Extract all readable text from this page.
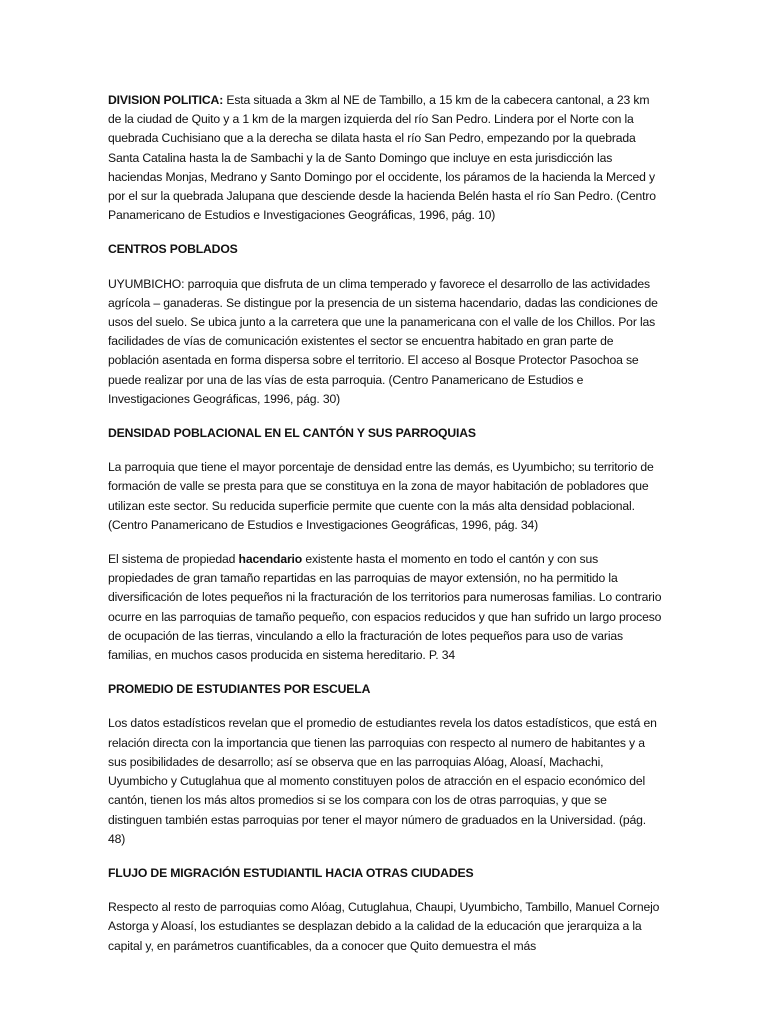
DIVISION POLITICA: Esta situada a 3km al NE de Tambillo, a 15 km de la cabecera cantonal, a 23 km de la ciudad de Quito y a 1 km de la margen izquierda del río San Pedro. Lindera por el Norte con la quebrada Cuchisiano que a la derecha se dilata hasta el río San Pedro, empezando por la quebrada Santa Catalina hasta la de Sambachi y la de Santo Domingo que incluye en esta jurisdicción las haciendas Monjas, Medrano y Santo Domingo por el occidente, los páramos de la hacienda la Merced y por el sur la quebrada Jalupana que desciende desde la hacienda Belén hasta el río San Pedro. (Centro Panamericano de Estudios e Investigaciones Geográficas, 1996, pág. 10)

CENTROS POBLADOS

UYUMBICHO: parroquia que disfruta de un clima temperado y favorece el desarrollo de las actividades agrícola – ganaderas. Se distingue por la presencia de un sistema hacendario, dadas las condiciones de usos del suelo. Se ubica junto a la carretera que une la panamericana con el valle de los Chillos. Por las facilidades de vías de comunicación existentes el sector se encuentra habitado en gran parte de población asentada en forma dispersa sobre el territorio. El acceso al Bosque Protector Pasochoa se puede realizar por una de las vías de esta parroquia. (Centro Panamericano de Estudios e Investigaciones Geográficas, 1996, pág. 30)

DENSIDAD POBLACIONAL EN EL CANTÓN Y SUS PARROQUIAS

La parroquia que tiene el mayor porcentaje de densidad entre las demás, es Uyumbicho; su territorio de formación de valle se presta para que se constituya en la zona de mayor habitación de pobladores que utilizan este sector. Su reducida superficie permite que cuente con la más alta densidad poblacional. (Centro Panamericano de Estudios e Investigaciones Geográficas, 1996, pág. 34)

El sistema de propiedad hacendario existente hasta el momento en todo el cantón y con sus propiedades de gran tamaño repartidas en las parroquias de mayor extensión, no ha permitido la diversificación de lotes pequeños ni la fracturación de los territorios para numerosas familias. Lo contrario ocurre en las parroquias de tamaño pequeño, con espacios reducidos y que han sufrido un largo proceso de ocupación de las tierras, vinculando a ello la fracturación de lotes pequeños para uso de varias familias, en muchos casos producida en sistema hereditario. P. 34

PROMEDIO DE ESTUDIANTES POR ESCUELA

Los datos estadísticos revelan que el promedio de estudiantes revela los datos estadísticos, que está en relación directa con la importancia que tienen las parroquias con respecto al numero de habitantes y a sus posibilidades de desarrollo; así se observa que en las parroquias Alóag, Aloasí, Machachi, Uyumbicho y Cutuglahua que al momento constituyen polos de atracción en el espacio económico del cantón, tienen los más altos promedios si se los compara con los de otras parroquias, y que se distinguen también estas parroquias por tener el mayor número de graduados en la Universidad. (pág. 48)

FLUJO DE MIGRACIÓN ESTUDIANTIL HACIA OTRAS CIUDADES

Respecto al resto de parroquias como Alóag, Cutuglahua, Chaupi, Uyumbicho, Tambillo, Manuel Cornejo Astorga y Aloasí, los estudiantes se desplazan debido a la calidad de la educación que jerarquiza a la capital y, en parámetros cuantificables, da a conocer que Quito demuestra el más
